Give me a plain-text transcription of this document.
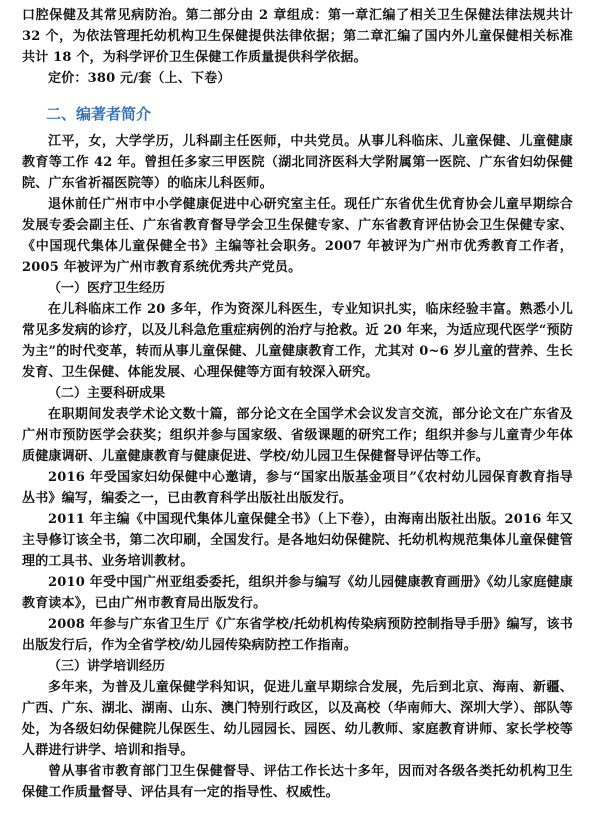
口腔保健及其常见病防治。第二部分由 2 章组成：第一章汇编了相关卫生保健法律法规共计 32 个，为依法管理托幼机构卫生保健提供法律依据；第二章汇编了国内外儿童保健相关标准共计 18 个，为科学评价卫生保健工作质量提供科学依据。

定价：380 元/套（上、下卷）

二、编著者简介

江平，女，大学学历，儿科副主任医师，中共党员。从事儿科临床、儿童保健、儿童健康教育等工作 42 年。曾担任多家三甲医院（湖北同济医科大学附属第一医院、广东省妇幼保健院、广东省祈福医院等）的临床儿科医师。

退休前任广州市中小学健康促进中心研究室主任。现任广东省优生优育协会儿童早期综合发展专委会副主任、广东省教育督导学会卫生保健专家、广东省教育评估协会卫生保健专家、《中国现代集体儿童保健全书》主编等社会职务。2007 年被评为广州市优秀教育工作者，2005 年被评为广州市教育系统优秀共产党员。

（一）医疗卫生经历

在儿科临床工作 20 多年，作为资深儿科医生，专业知识扎实，临床经验丰富。熟悉小儿常见多发病的诊疗，以及儿科急危重症病例的治疗与抢救。近 20 年来，为适应现代医学“预防为主”的时代变革，转而从事儿童保健、儿童健康教育工作，尤其对 0~6 岁儿童的营养、生长发育、卫生保健、体能发展、心理保健等方面有较深入研究。

（二）主要科研成果

在职期间发表学术论文数十篇，部分论文在全国学术会议发言交流，部分论文在广东省及广州市预防医学会获奖；组织并参与国家级、省级课题的研究工作；组织并参与儿童青少年体质健康调研、儿童健康教育与健康促进、学校/幼儿园卫生保健督导评估等工作。

2016 年受国家妇幼保健中心邀请，参与“国家出版基金项目”《农村幼儿园保育教育指导丛书》编写，编委之一，已由教育科学出版社出版发行。

2011 年主编《中国现代集体儿童保健全书》（上下卷），由海南出版社出版。2016 年又主导修订该全书，第二次印刷，全国发行。是各地妇幼保健院、托幼机构规范集体儿童保健管理的工具书、业务培训教材。

2010 年受中国广州亚组委委托，组织并参与编写《幼儿园健康教育画册》《幼儿家庭健康教育读本》，已由广州市教育局出版发行。

2008 年参与广东省卫生厅《广东省学校/托幼机构传染病预防控制指导手册》编写，该书出版发行后，作为全省学校/幼儿园传染病防控工作指南。

（三）讲学培训经历

多年来，为普及儿童保健学科知识，促进儿童早期综合发展，先后到北京、海南、新疆、广西、广东、湖北、湖南、山东、澳门特别行政区，以及高校（华南师大、深圳大学）、部队等处，为各级妇幼保健院儿保医生、幼儿园园长、园医、幼儿教师、家庭教育讲师、家长学校等人群进行讲学、培训和指导。

曾从事省市教育部门卫生保健督导、评估工作长达十多年，因而对各级各类托幼机构卫生保健工作质量督导、评估具有一定的指导性、权威性。
